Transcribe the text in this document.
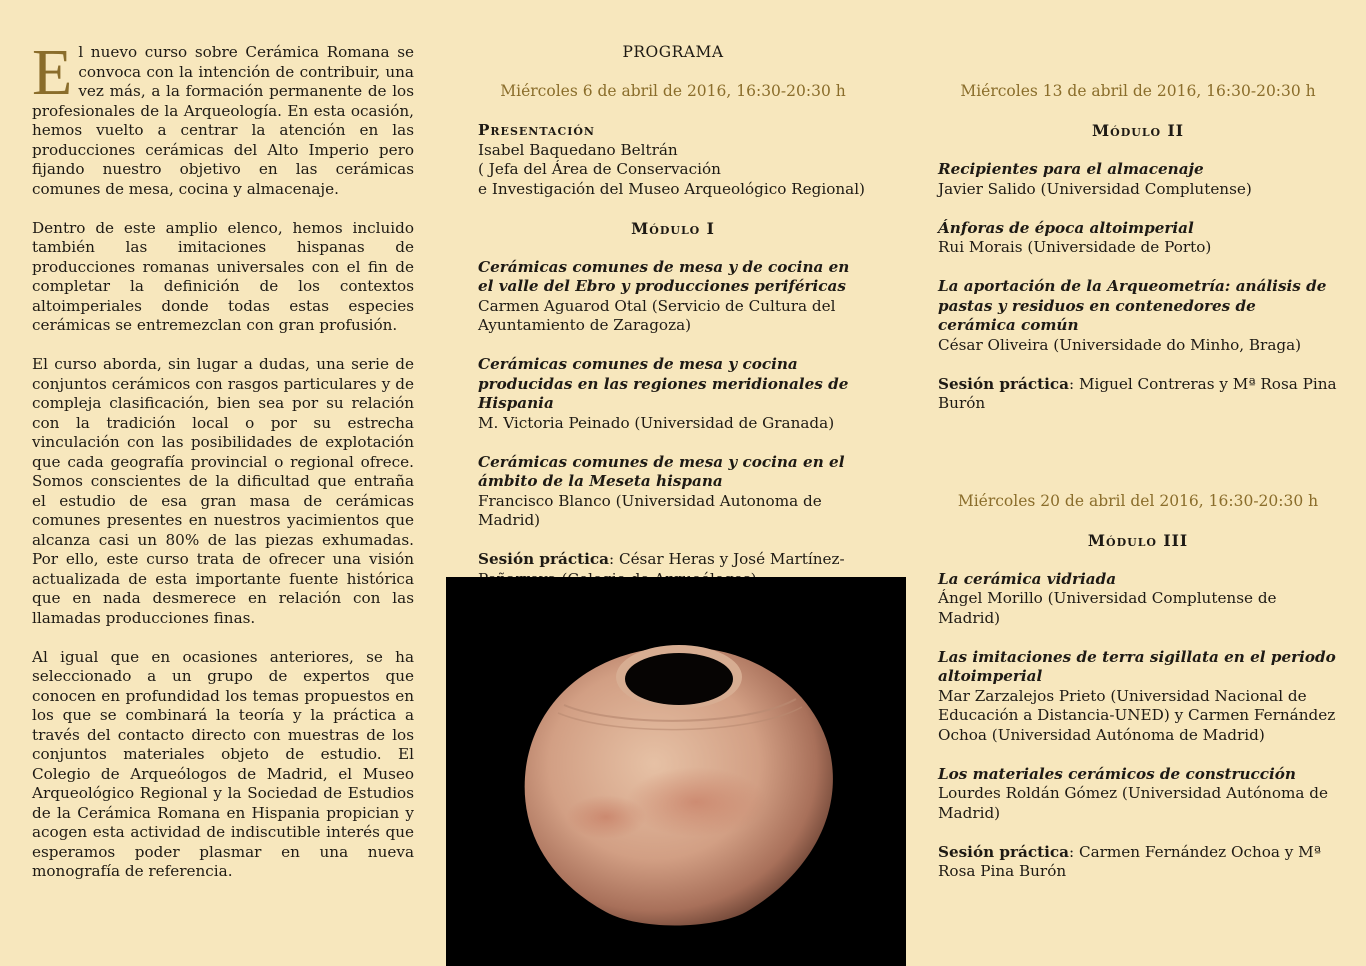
El nuevo curso sobre Cerámica Romana se convoca con la intención de contribuir, una vez más, a la formación permanente de los profesionales de la Arqueología. En esta ocasión, hemos vuelto a centrar la atención en las producciones cerámicas del Alto Imperio pero fijando nuestro objetivo en las cerámicas comunes de mesa, cocina y almacenaje.

Dentro de este amplio elenco, hemos incluido también las imitaciones hispanas de producciones romanas universales con el fin de completar la definición de los contextos altoimperiales donde todas estas especies cerámicas se entremezclan con gran profusión.

El curso aborda, sin lugar a dudas, una serie de conjuntos cerámicos con rasgos particulares y de compleja clasificación, bien sea por su relación con la tradición local o por su estrecha vinculación con las posibilidades de explotación que cada geografía provincial o regional ofrece. Somos conscientes de la dificultad que entraña el estudio de esa gran masa de cerámicas comunes presentes en nuestros yacimientos que alcanza casi un 80% de las piezas exhumadas. Por ello, este curso trata de ofrecer una visión actualizada de esta importante fuente histórica que en nada desmerece en relación con las llamadas producciones finas.

Al igual que en ocasiones anteriores, se ha seleccionado a un grupo de expertos que conocen en profundidad los temas propuestos en los que se combinará la teoría y la práctica a través del contacto directo con muestras de los conjuntos materiales objeto de estudio. El Colegio de Arqueólogos de Madrid, el Museo Arqueológico Regional y la Sociedad de Estudios de la Cerámica Romana en Hispania propician y acogen esta actividad de indiscutible interés que esperamos poder plasmar en una nueva monografía de referencia.

PROGRAMA

Miércoles 6 de abril de 2016, 16:30-20:30 h

Presentación
Isabel Baquedano Beltrán
( Jefa del Área de Conservación
e Investigación del Museo Arqueológico Regional)

Módulo I

Cerámicas comunes de mesa y de cocina en el valle del Ebro y producciones periféricas
Carmen Aguarod Otal (Servicio de Cultura del Ayuntamiento de Zaragoza)
Cerámicas comunes de mesa y cocina producidas en las regiones meridionales de Hispania
M. Victoria Peinado (Universidad de Granada)
Cerámicas comunes de mesa y cocina en el ámbito de la Meseta hispana
Francisco Blanco (Universidad Autonoma de Madrid)

Sesión práctica: César Heras y José Martínez-

Miércoles 13 de abril de 2016, 16:30-20:30 h

Módulo II

Recipientes para el almacenaje
Javier Salido (Universidad Complutense)
Ánforas de época altoimperial
Rui Morais (Universidade de Porto)
La aportación de la Arqueometría: análisis de pastas y residuos en contenedores de cerámica común
César Oliveira (Universidade do Minho, Braga)

Sesión práctica: Miguel Contreras y Mª Rosa Pina Burón

Miércoles 20 de abril del 2016, 16:30-20:30 h

Módulo III

La cerámica vidriada
Ángel Morillo (Universidad Complutense de Madrid)
Las imitaciones de terra sigillata en el periodo altoimperial
Mar Zarzalejos Prieto (Universidad Nacional de Educación a Distancia-UNED) y Carmen Fernández Ochoa (Universidad Autónoma de Madrid)
Los materiales cerámicos de construcción
Lourdes Roldán Gómez (Universidad Autónoma de Madrid)

Sesión práctica: Carmen Fernández Ochoa y Mª Rosa Pina Burón
